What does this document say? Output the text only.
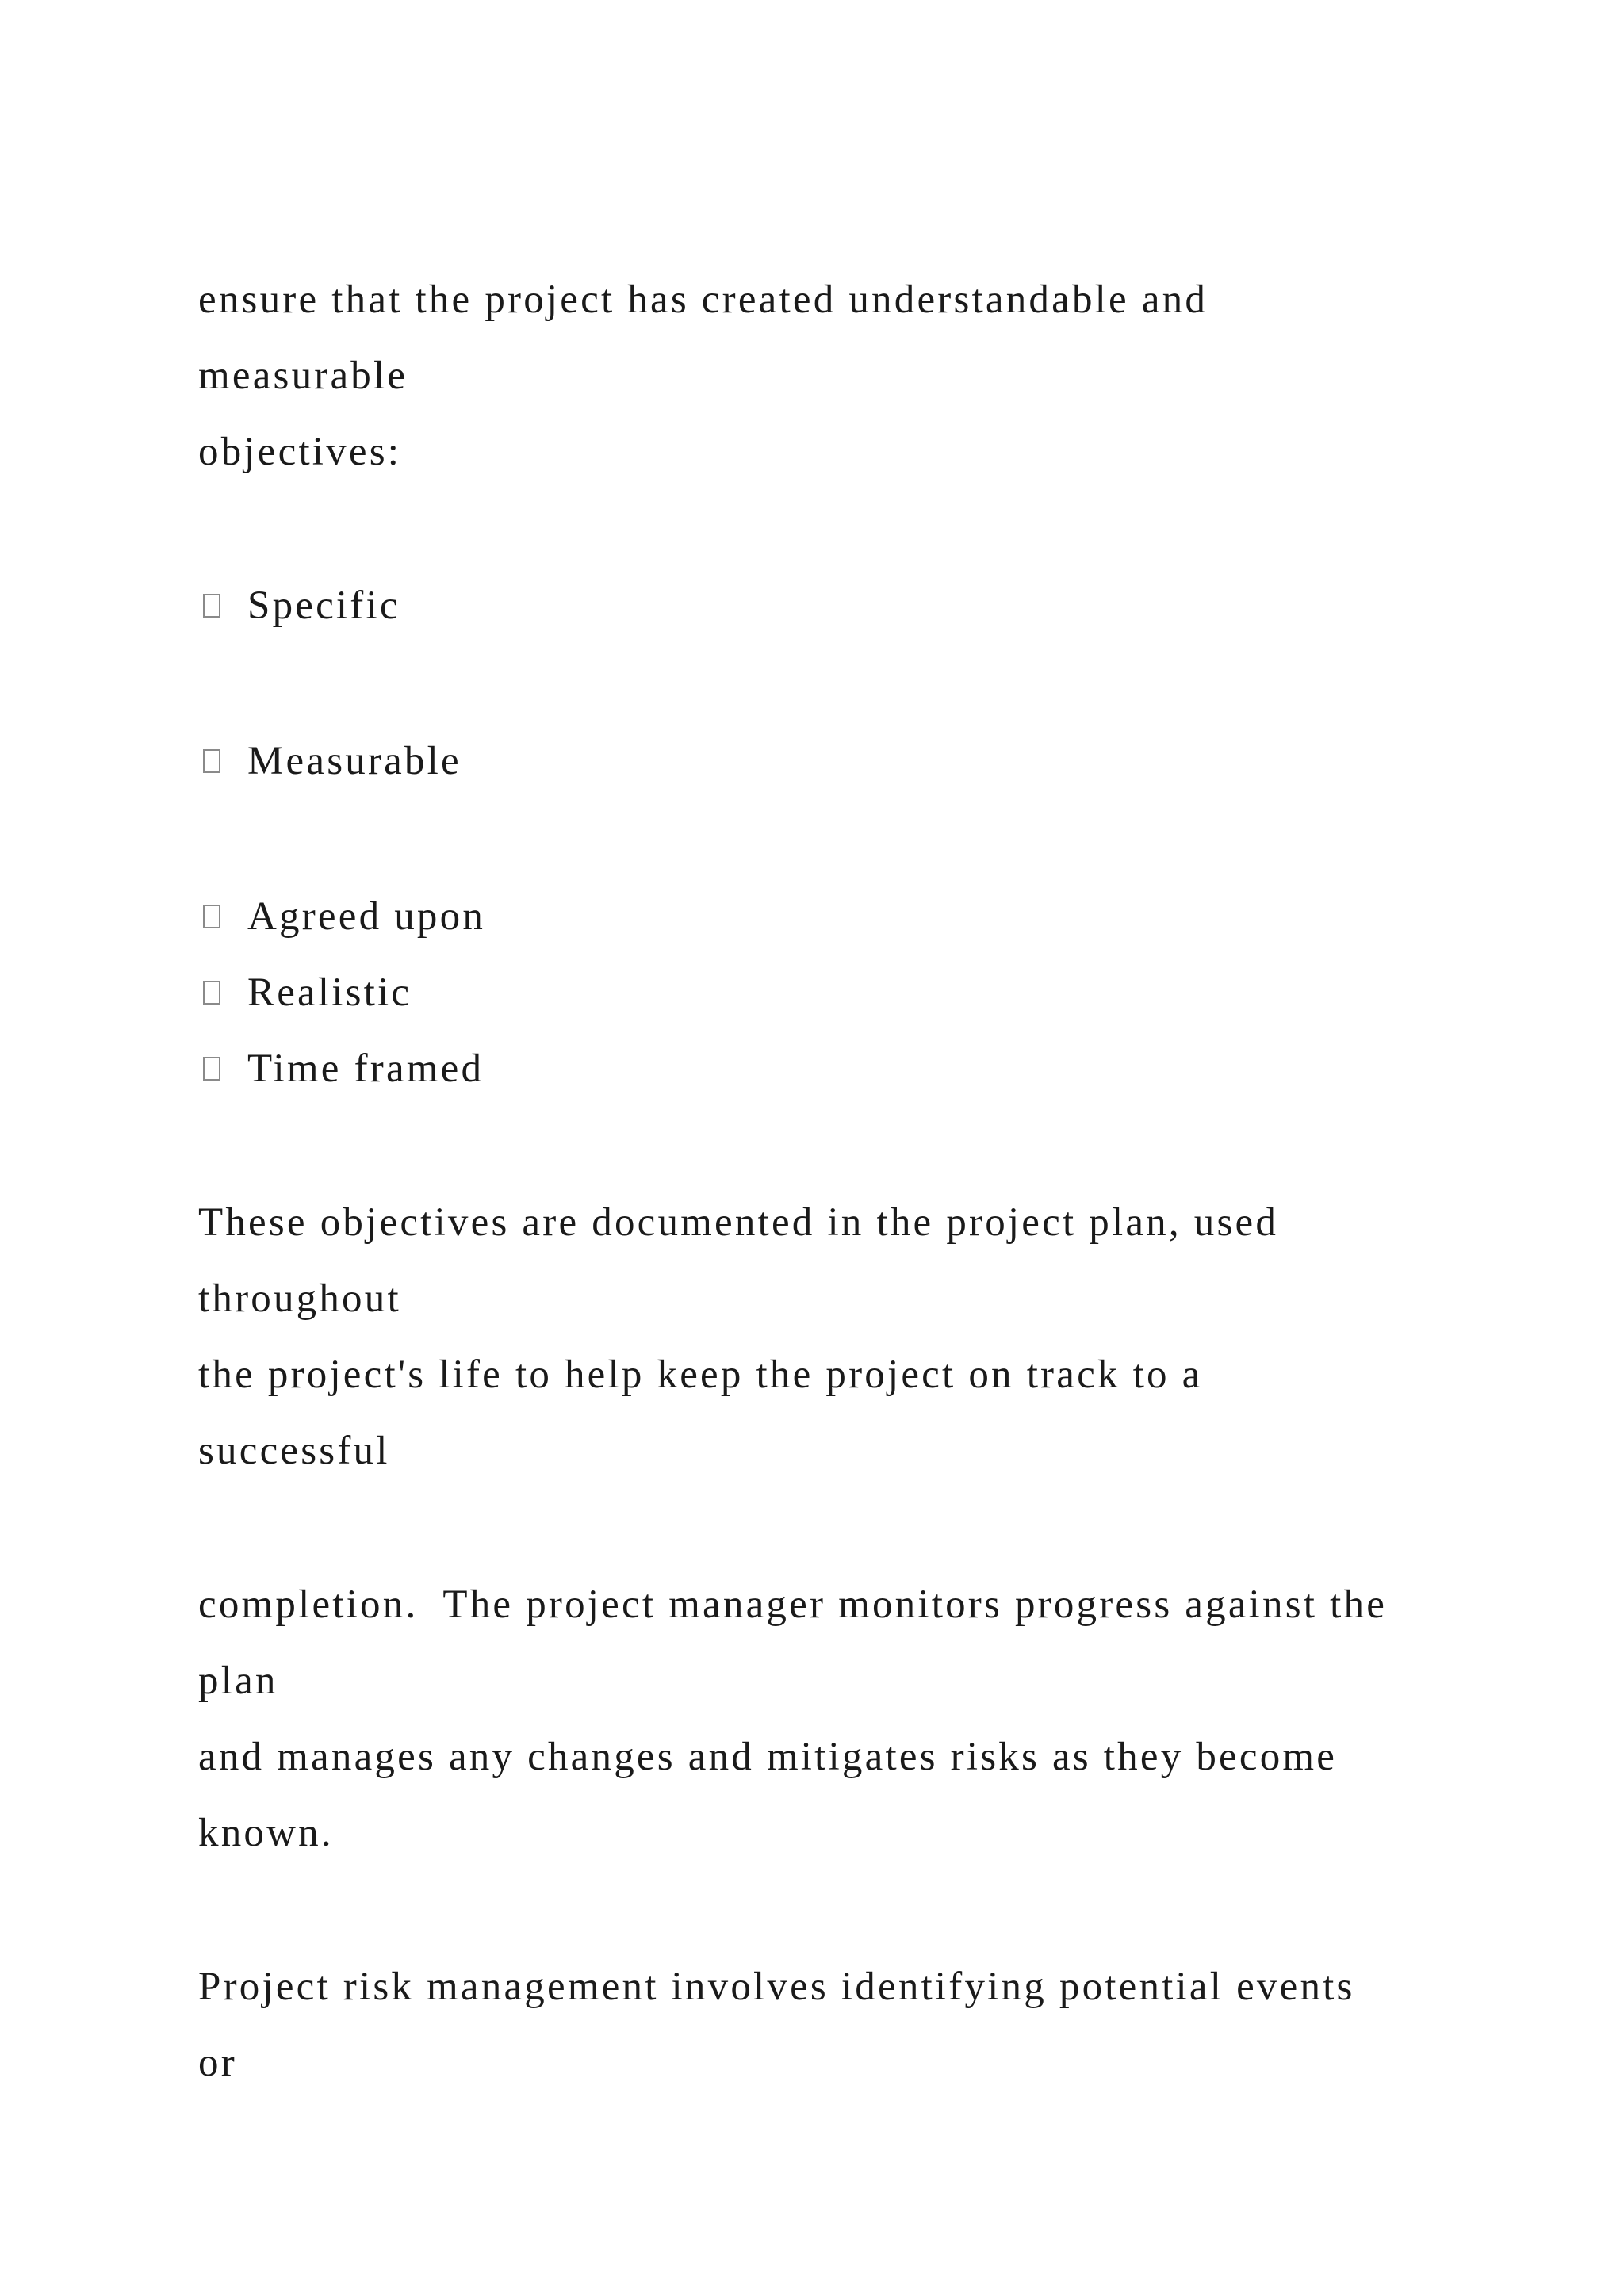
ensure that the project has created understandable and

measurable

objectives:

Specific
Measurable
Agreed upon
Realistic
Time framed

These objectives are documented in the project plan, used

throughout

the project's life to help keep the project on track to a

successful

completion.  The project manager monitors progress against the

plan

and manages any changes and mitigates risks as they become

known.

Project risk management involves identifying potential events

or
